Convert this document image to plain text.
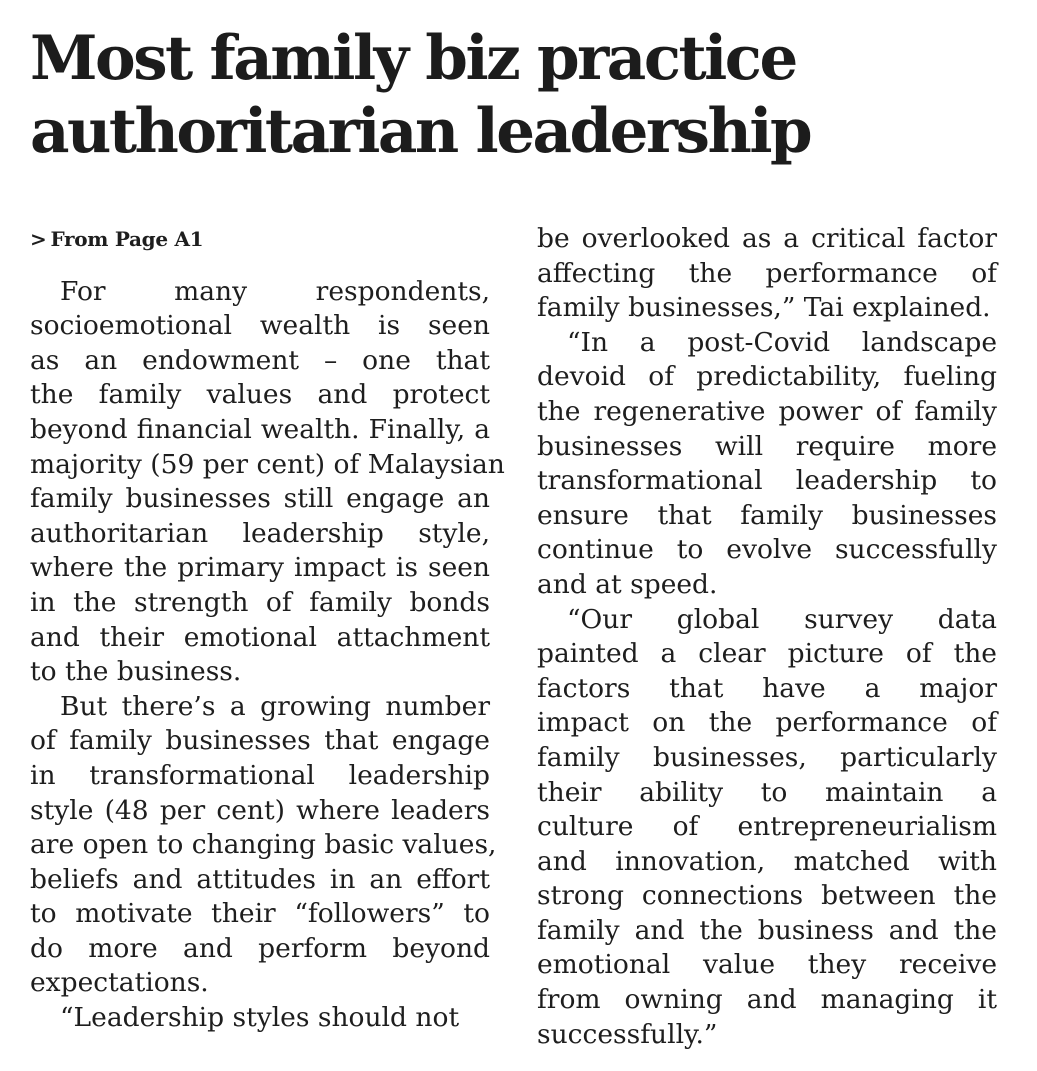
Most family biz practice
authoritarian leadership

> From Page A1

For many respondents,
socioemotional wealth is seen
as an endowment – one that
the family values and protect
beyond financial wealth. Finally, a
majority (59 per cent) of Malaysian
family businesses still engage an
authoritarian leadership style,
where the primary impact is seen
in the strength of family bonds
and their emotional attachment
to the business.
But there’s a growing number
of family businesses that engage
in transformational leadership
style (48 per cent) where leaders
are open to changing basic values,
beliefs and attitudes in an effort
to motivate their “followers” to
do more and perform beyond
expectations.
“Leadership styles should not
be overlooked as a critical factor
affecting the performance of
family businesses,” Tai explained.
“In a post-Covid landscape
devoid of predictability, fueling
the regenerative power of family
businesses will require more
transformational leadership to
ensure that family businesses
continue to evolve successfully
and at speed.
“Our global survey data
painted a clear picture of the
factors that have a major
impact on the performance of
family businesses, particularly
their ability to maintain a
culture of entrepreneurialism
and innovation, matched with
strong connections between the
family and the business and the
emotional value they receive
from owning and managing it
successfully.”
